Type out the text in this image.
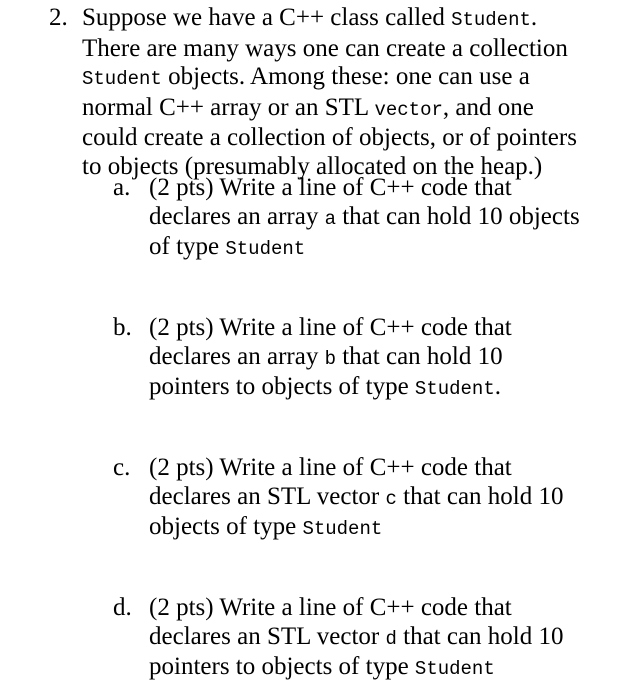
2. Suppose we have a C++ class called Student.
There are many ways one can create a collection
Student objects. Among these: one can use a
normal C++ array or an STL vector, and one
could create a collection of objects, or of pointers
to objects (presumably allocated on the heap.)
a. (2 pts) Write a line of C++ code that
declares an array a that can hold 10 objects
of type Student
b. (2 pts) Write a line of C++ code that
declares an array b that can hold 10
pointers to objects of type Student.
c. (2 pts) Write a line of C++ code that
declares an STL vector c that can hold 10
objects of type Student
d. (2 pts) Write a line of C++ code that
declares an STL vector d that can hold 10
pointers to objects of type Student
